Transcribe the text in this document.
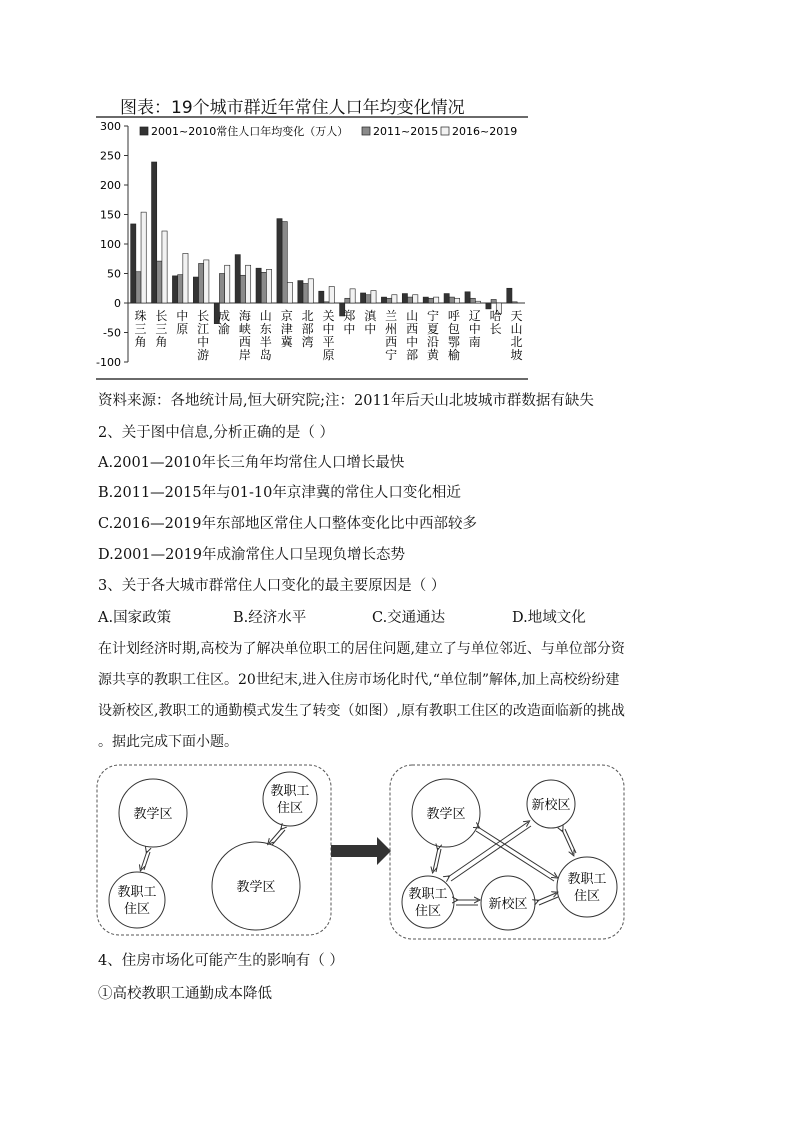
图表：19个城市群近年常住人口年均变化情况
300
250
200
150
100
50
0
-50
-100
珠
三
角
长
三
角
中
原
长
江
中
游
成
渝
海
峡
西
岸
山
东
半
岛
京
津
冀
北
部
湾
关
中
平
原
郑
中
滇
中
兰
州
西
宁
山
西
中
部
宁
夏
沿
黄
呼
包
鄂
榆
辽
中
南
哈
长
天
山
北
坡
2001~2010常住人口年均变化（万人） 2011~2015 2016~2019
资料来源：各地统计局,恒大研究院;注：2011年后天山北坡城市群数据有缺失
2、关于图中信息,分析正确的是（ ）
A.2001—2010年长三角年均常住人口增长最快
B.2011—2015年与01-10年京津冀的常住人口变化相近
C.2016—2019年东部地区常住人口整体变化比中西部较多
D.2001—2019年成渝常住人口呈现负增长态势
3、关于各大城市群常住人口变化的最主要原因是（ ）
A.国家政策	B.经济水平	C.交通通达	D.地域文化
在计划经济时期,高校为了解决单位职工的居住问题,建立了与单位邻近、与单位部分资
源共享的教职工住区。20世纪末,进入住房市场化时代,“单位制”解体,加上高校纷纷建
设新校区,教职工的通勤模式发生了转变（如图）,原有教职工住区的改造面临新的挑战
。据此完成下面小题。
教学区
教职工
住区
教职工
住区
教学区
教学区
新校区
教职工
住区	新校区
教职工
住区
4、住房市场化可能产生的影响有（ ）
①高校教职工通勤成本降低
